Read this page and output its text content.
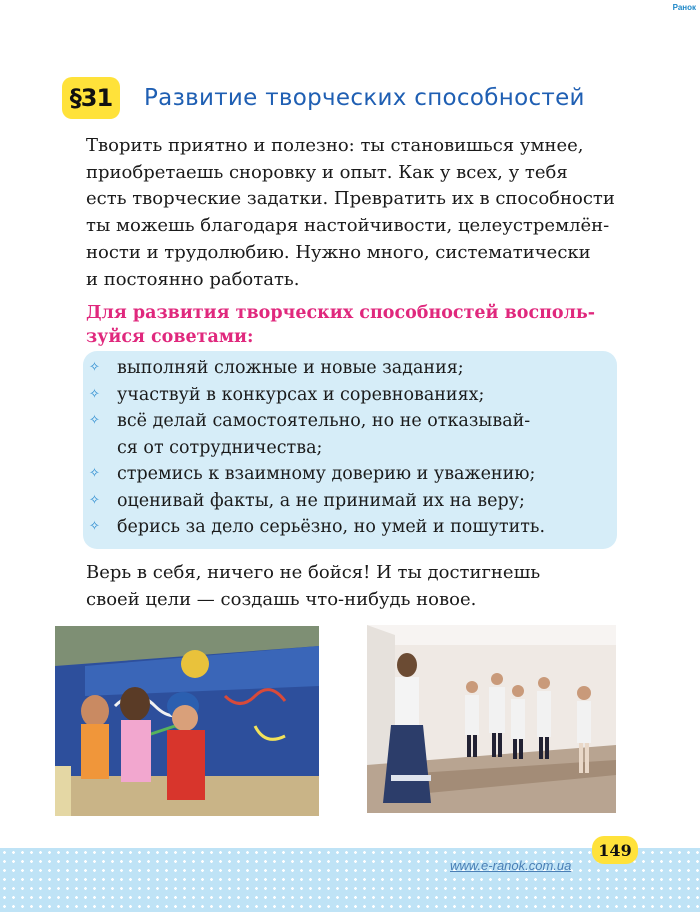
Ранок
§31	Развитие творческих способностей
Творить приятно и полезно: ты становишься умнее,
приобретаешь сноровку и опыт. Как у всех, у тебя
есть творческие задатки. Превратить их в способности
ты можешь благодаря настойчивости, целеустремлён-
ности и трудолюбию. Нужно много, систематически
и постоянно работать.
Для развития творческих способностей восполь-
зуйся советами:
✧ выполняй сложные и новые задания;
✧ участвуй в конкурсах и соревнованиях;
✧ всё делай самостоятельно, но не отказывай-
ся от сотрудничества;
✧ стремись к взаимному доверию и уважению;
✧ оценивай факты, а не принимай их на веру;
✧ берись за дело серьёзно, но умей и пошутить.
Верь в себя, ничего не бойся! И ты достигнешь
своей цели — создашь что-нибудь новое.
www.e-ranok.com.ua
149
